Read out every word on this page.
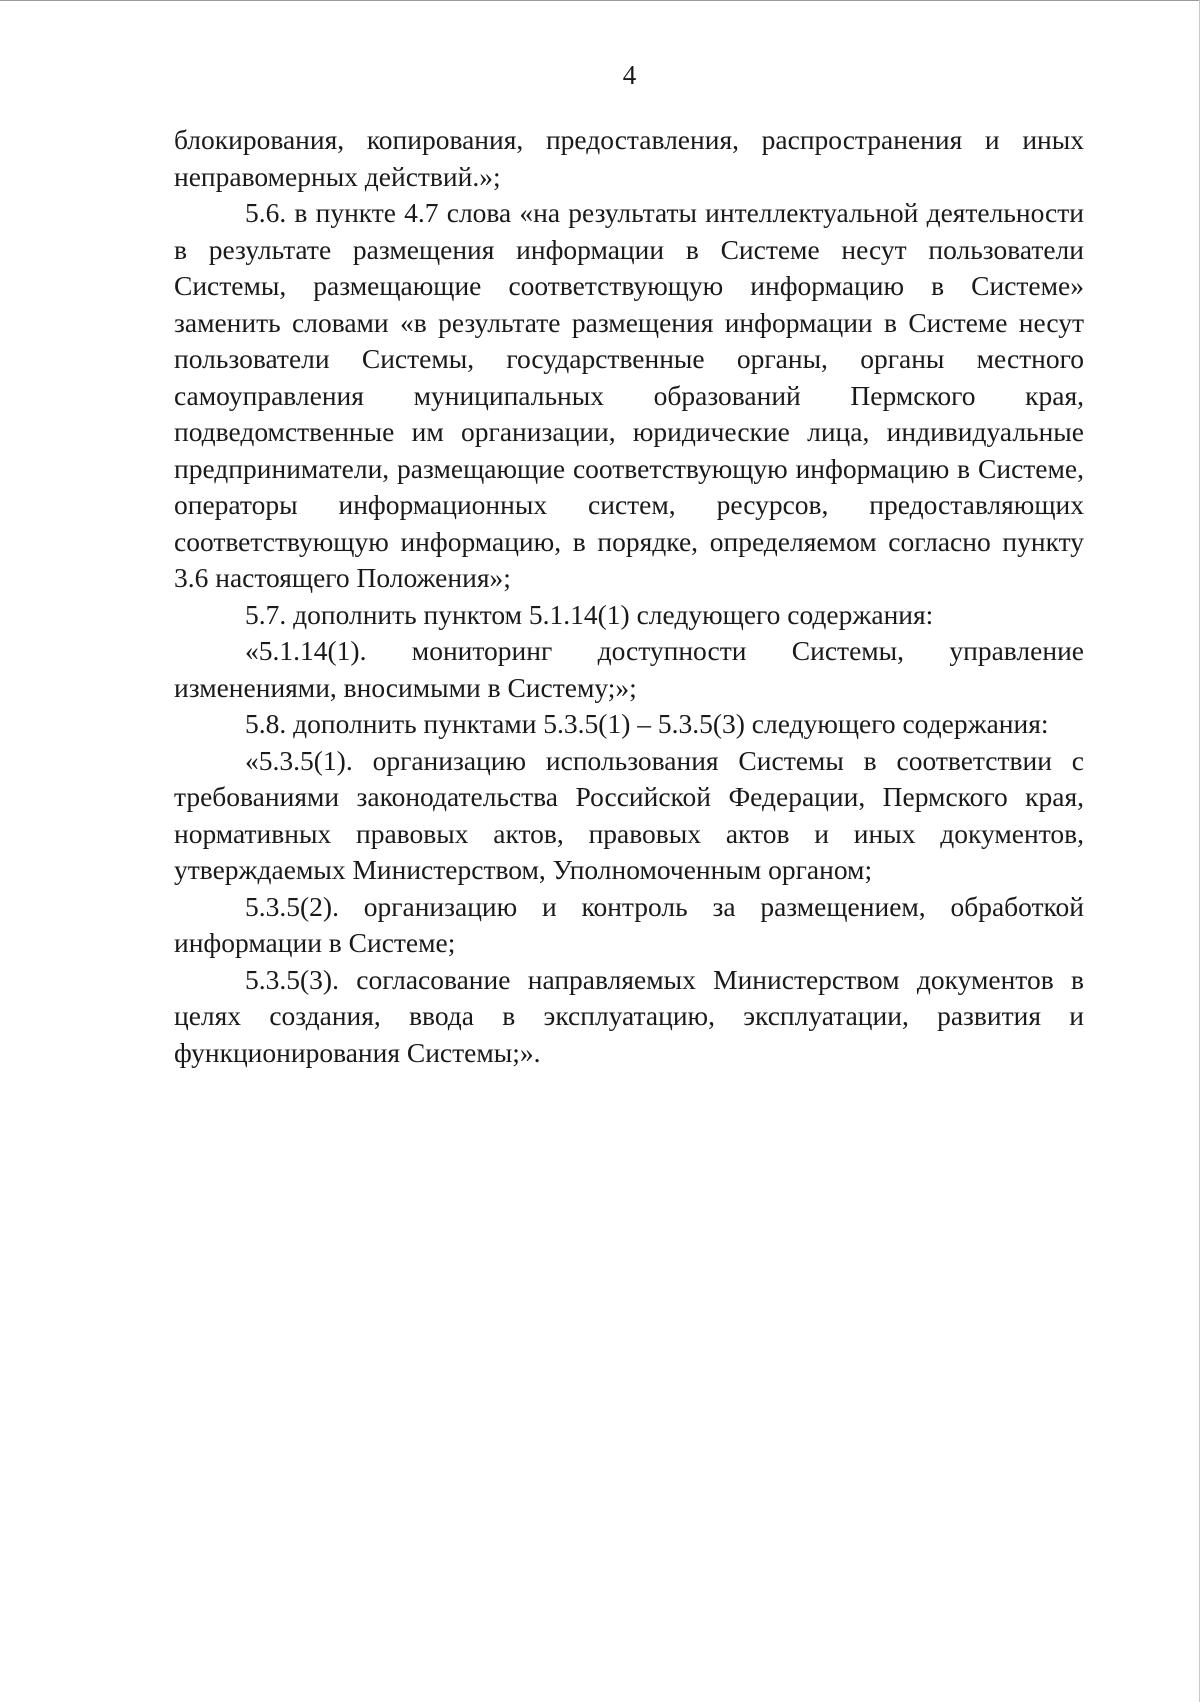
4

блокирования, копирования, предоставления, распространения и иных неправомерных действий.»;

5.6. в пункте 4.7 слова «на результаты интеллектуальной деятельности в результате размещения информации в Системе несут пользователи Системы, размещающие соответствующую информацию в Системе» заменить словами «в результате размещения информации в Системе несут пользователи Системы, государственные органы, органы местного самоуправления муниципальных образований Пермского края, подведомственные им организации, юридические лица, индивидуальные предприниматели, размещающие соответствующую информацию в Системе, операторы информационных систем, ресурсов, предоставляющих соответствующую информацию, в порядке, определяемом согласно пункту 3.6 настоящего Положения»;

5.7. дополнить пунктом 5.1.14(1) следующего содержания:

«5.1.14(1). мониторинг доступности Системы, управление изменениями, вносимыми в Систему;»;

5.8. дополнить пунктами 5.3.5(1) – 5.3.5(3) следующего содержания:

«5.3.5(1). организацию использования Системы в соответствии с требованиями законодательства Российской Федерации, Пермского края, нормативных правовых актов, правовых актов и иных документов, утверждаемых Министерством, Уполномоченным органом;

5.3.5(2). организацию и контроль за размещением, обработкой информации в Системе;

5.3.5(3). согласование направляемых Министерством документов в целях создания, ввода в эксплуатацию, эксплуатации, развития и функционирования Системы;».
